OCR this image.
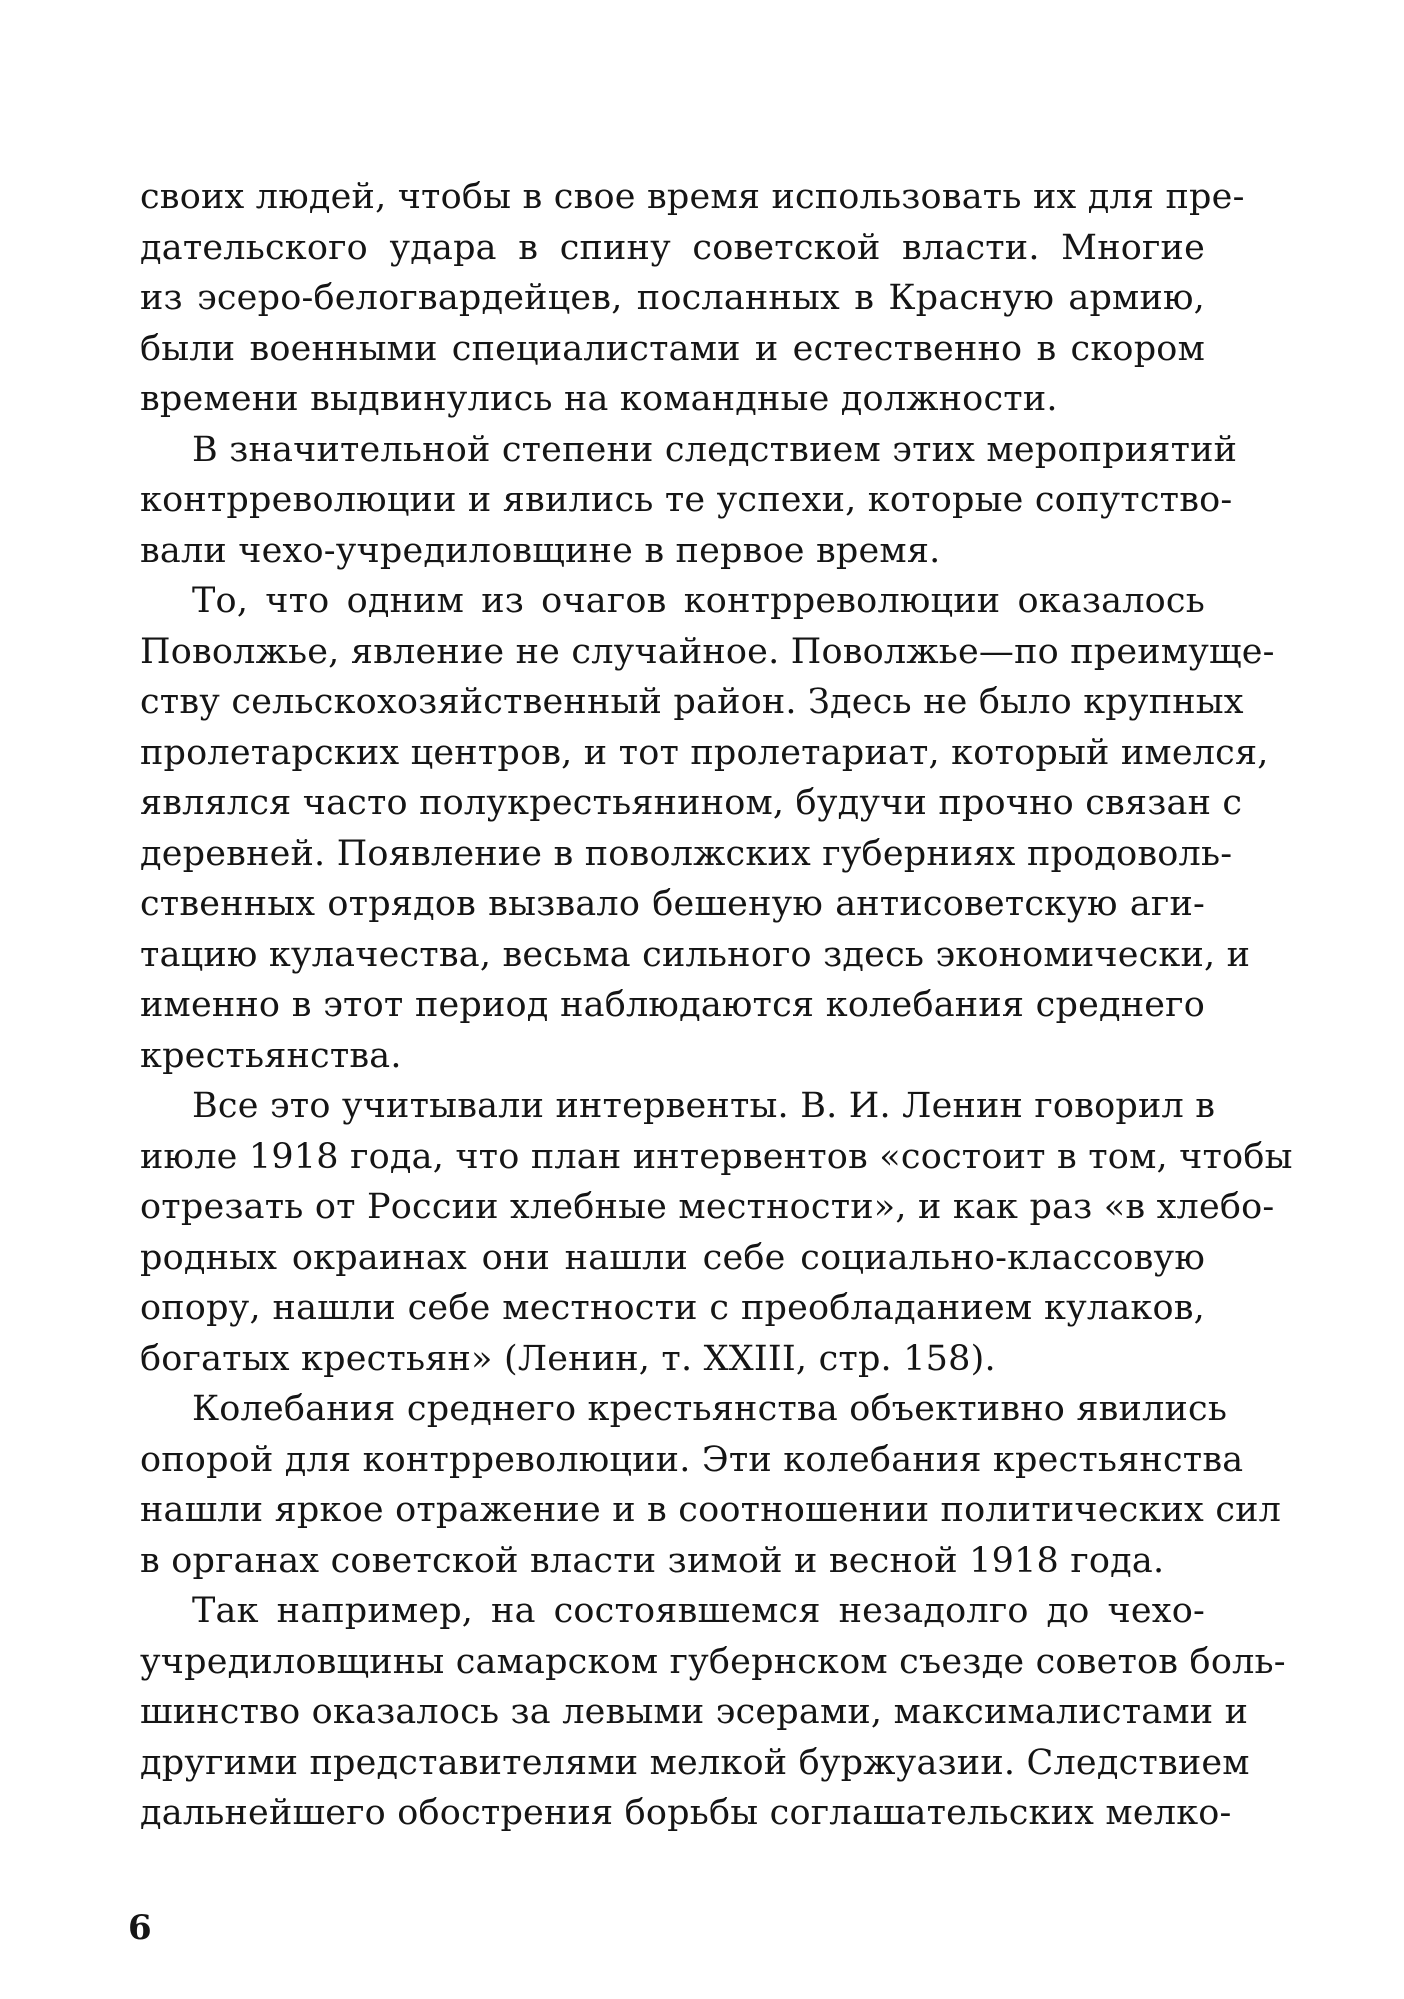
своих людей, чтобы в свое время использовать их для пре-
дательского удара в спину советской власти. Многие
из эсеро-белогвардейцев, посланных в Красную армию,
были военными специалистами и естественно в скором
времени выдвинулись на командные должности.
В значительной степени следствием этих мероприятий
контрреволюции и явились те успехи, которые сопутство-
вали чехо-учредиловщине в первое время.
То, что одним из очагов контрреволюции оказалось
Поволжье, явление не случайное. Поволжье—по преимуще-
ству сельскохозяйственный район. Здесь не было крупных
пролетарских центров, и тот пролетариат, который имелся,
являлся часто полукрестьянином, будучи прочно связан с
деревней. Появление в поволжских губерниях продоволь-
ственных отрядов вызвало бешеную антисоветскую аги-
тацию кулачества, весьма сильного здесь экономически, и
именно в этот период наблюдаются колебания среднего
крестьянства.
Все это учитывали интервенты. В. И. Ленин говорил в
июле 1918 года, что план интервентов «состоит в том, чтобы
отрезать от России хлебные местности», и как раз «в хлебо-
родных окраинах они нашли себе социально-классовую
опору, нашли себе местности с преобладанием кулаков,
богатых крестьян» (Ленин, т. XXIII, стр. 158).
Колебания среднего крестьянства объективно явились
опорой для контрреволюции. Эти колебания крестьянства
нашли яркое отражение и в соотношении политических сил
в органах советской власти зимой и весной 1918 года.
Так например, на состоявшемся незадолго до чехо-
учредиловщины самарском губернском съезде советов боль-
шинство оказалось за левыми эсерами, максималистами и
другими представителями мелкой буржуазии. Следствием
дальнейшего обострения борьбы соглашательских мелко-
6
